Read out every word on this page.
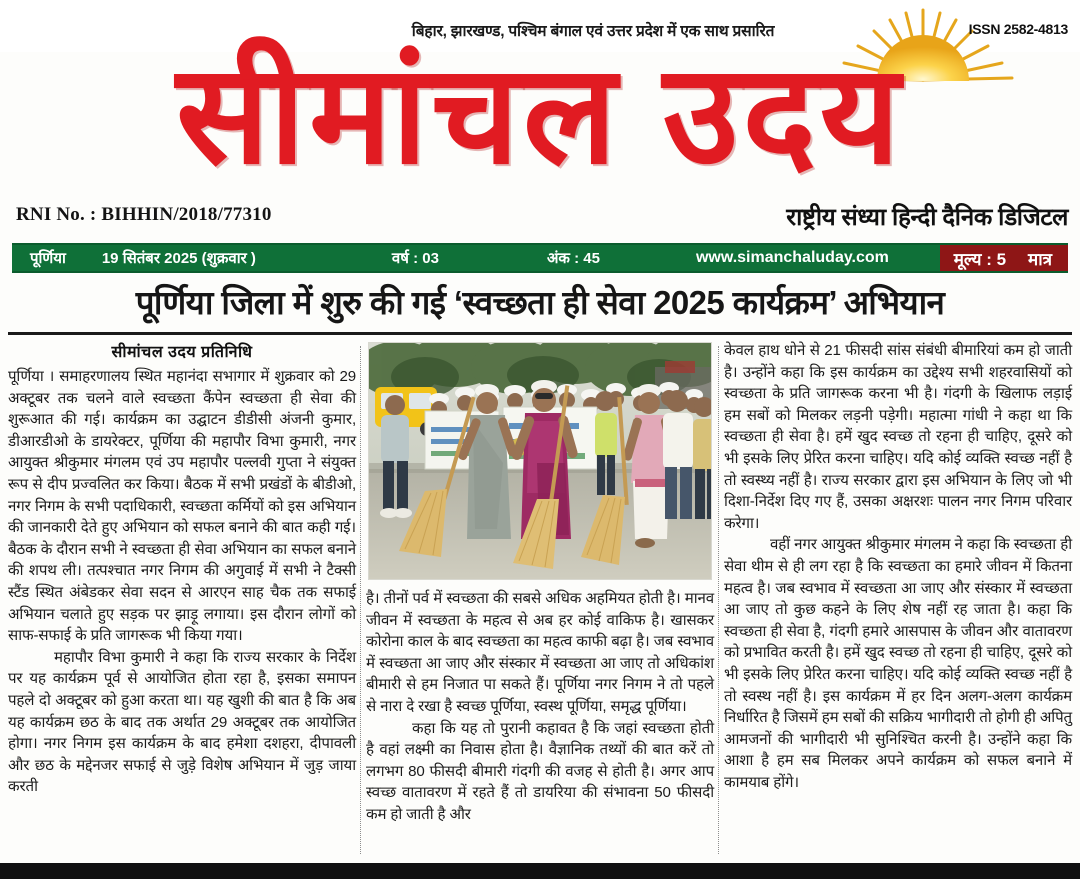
बिहार, झारखण्ड, पश्चिम बंगाल एवं उत्तर प्रदेश में एक साथ प्रसारित	ISSN 2582-4813
सीमांचल उदय
RNI No. : BIHHIN/2018/77310	राष्ट्रीय संध्या हिन्दी दैनिक डिजिटल
पूर्णिया 19 सितंबर 2025 (शुक्रवार )	वर्ष : 03	अंक : 45	www.simanchaluday.com	मूल्य : 5 मात्र
पूर्णिया जिला में शुरु की गई ‘स्वच्छता ही सेवा 2025 कार्यक्रम’ अभियान
सीमांचल उदय प्रतिनिधि

पूर्णिया । समाहरणालय स्थित महानंदा सभागार में शुक्रवार को 29 अक्टूबर तक चलने वाले स्वच्छता कैंपेन स्वच्छता ही सेवा की शुरूआत की गई। कार्यक्रम का उद्घाटन डीडीसी अंजनी कुमार, डीआरडीओ के डायरेक्टर, पूर्णिया की महापौर विभा कुमारी, नगर आयुक्त श्रीकुमार मंगलम एवं उप महापौर पल्लवी गुप्ता ने संयुक्त रूप से दीप प्रज्वलित कर किया। बैठक में सभी प्रखंडों के बीडीओ, नगर निगम के सभी पदाधिकारी, स्वच्छता कर्मियों को इस अभियान की जानकारी देते हुए अभियान को सफल बनाने की बात कही गई। बैठक के दौरान सभी ने स्वच्छता ही सेवा अभियान का सफल बनाने की शपथ ली। तत्पश्चात नगर निगम की अगुवाई में सभी ने टैक्सी स्टैंड स्थित अंबेडकर सेवा सदन से आरएन साह चैक तक सफाई अभियान चलाते हुए सड़क पर झाड़ू लगाया। इस दौरान लोगों को साफ-सफाई के प्रति जागरूक भी किया गया।

महापौर विभा कुमारी ने कहा कि राज्य सरकार के निर्देश पर यह कार्यक्रम पूर्व से आयोजित होता रहा है, इसका समापन पहले दो अक्टूबर को हुआ करता था। यह खुशी की बात है कि अब यह कार्यक्रम छठ के बाद तक अर्थात 29 अक्टूबर तक आयोजित होगा। नगर निगम इस कार्यक्रम के बाद हमेशा दशहरा, दीपावली और छठ के मद्देनजर सफाई से जुड़े विशेष अभियान में जुड़ जाया करती

है। तीनों पर्व में स्वच्छता की सबसे अधिक अहमियत होती है। मानव जीवन में स्वच्छता के महत्व से अब हर कोई वाकिफ है। खासकर कोरोना काल के बाद स्वच्छता का महत्व काफी बढ़ा है। जब स्वभाव में स्वच्छता आ जाए और संस्कार में स्वच्छता आ जाए तो अधिकांश बीमारी से हम निजात पा सकते हैं। पूर्णिया नगर निगम ने तो पहले से नारा दे रखा है स्वच्छ पूर्णिया, स्वस्थ पूर्णिया, समृद्ध पूर्णिया।

कहा कि यह तो पुरानी कहावत है कि जहां स्वच्छता होती है वहां लक्ष्मी का निवास होता है। वैज्ञानिक तथ्यों की बात करें तो लगभग 80 फीसदी बीमारी गंदगी की वजह से होती है। अगर आप स्वच्छ वातावरण में रहते हैं तो डायरिया की संभावना 50 फीसदी कम हो जाती है और

केवल हाथ धोने से 21 फीसदी सांस संबंधी बीमारियां कम हो जाती है। उन्होंने कहा कि इस कार्यक्रम का उद्देश्य सभी शहरवासियों को स्वच्छता के प्रति जागरूक करना भी है। गंदगी के खिलाफ लड़ाई हम सबों को मिलकर लड़नी पड़ेगी। महात्मा गांधी ने कहा था कि स्वच्छता ही सेवा है। हमें खुद स्वच्छ तो रहना ही चाहिए, दूसरे को भी इसके लिए प्रेरित करना चाहिए। यदि कोई व्यक्ति स्वच्छ नहीं है तो स्वस्थ्य नहीं है। राज्य सरकार द्वारा इस अभियान के लिए जो भी दिशा-निर्देश दिए गए हैं, उसका अक्षरशः पालन नगर निगम परिवार करेगा।

वहीं नगर आयुक्त श्रीकुमार मंगलम ने कहा कि स्वच्छता ही सेवा थीम से ही लग रहा है कि स्वच्छता का हमारे जीवन में कितना महत्व है। जब स्वभाव में स्वच्छता आ जाए और संस्कार में स्वच्छता आ जाए तो कुछ कहने के लिए शेष नहीं रह जाता है। कहा कि स्वच्छता ही सेवा है, गंदगी हमारे आसपास के जीवन और वातावरण को प्रभावित करती है। हमें खुद स्वच्छ तो रहना ही चाहिए, दूसरे को भी इसके लिए प्रेरित करना चाहिए। यदि कोई व्यक्ति स्वच्छ नहीं है तो स्वस्थ नहीं है। इस कार्यक्रम में हर दिन अलग-अलग कार्यक्रम निर्धारित है जिसमें हम सबों की सक्रिय भागीदारी तो होगी ही अपितु आमजनों की भागीदारी भी सुनिश्चित करनी है। उन्होंने कहा कि आशा है हम सब मिलकर अपने कार्यक्रम को सफल बनाने में कामयाब होंगे।
